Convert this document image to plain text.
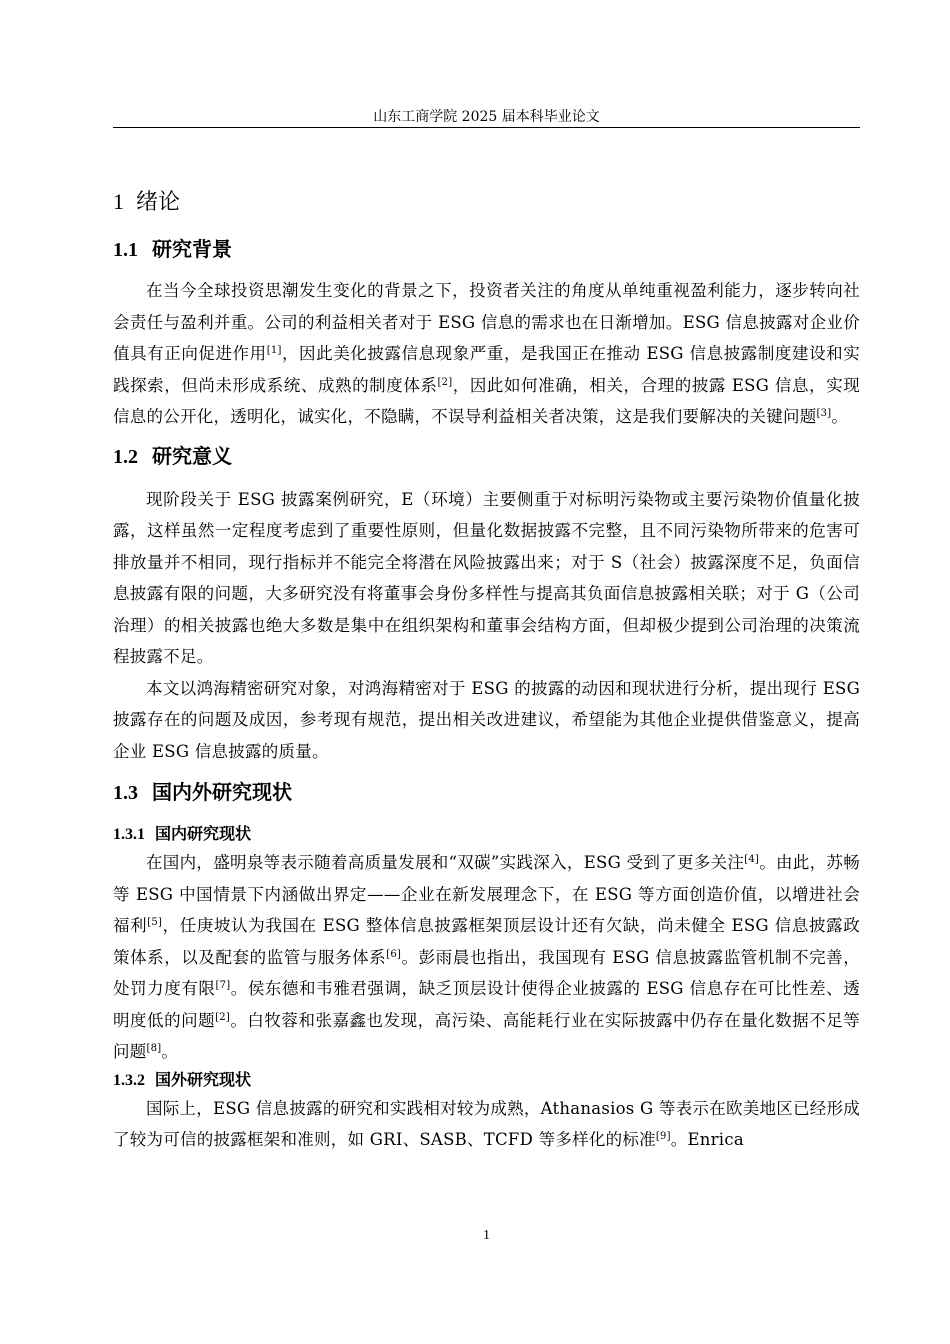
山东工商学院 2025 届本科毕业论文
1 绪论
1.1 研究背景

在当今全球投资思潮发生变化的背景之下，投资者关注的角度从单纯重视盈利能力，逐步转向社会责任与盈利并重。公司的利益相关者对于 ESG 信息的需求也在日渐增加。ESG 信息披露对企业价值具有正向促进作用[1]，因此美化披露信息现象严重，是我国正在推动 ESG 信息披露制度建设和实践探索，但尚未形成系统、成熟的制度体系[2]，因此如何准确，相关，合理的披露 ESG 信息，实现信息的公开化，透明化，诚实化，不隐瞒，不误导利益相关者决策，这是我们要解决的关键问题[3]。

1.2 研究意义

现阶段关于 ESG 披露案例研究，E（环境）主要侧重于对标明污染物或主要污染物价值量化披露，这样虽然一定程度考虑到了重要性原则，但量化数据披露不完整，且不同污染物所带来的危害可排放量并不相同，现行指标并不能完全将潜在风险披露出来；对于 S（社会）披露深度不足，负面信息披露有限的问题，大多研究没有将董事会身份多样性与提高其负面信息披露相关联；对于 G（公司治理）的相关披露也绝大多数是集中在组织架构和董事会结构方面，但却极少提到公司治理的决策流程披露不足。

本文以鸿海精密研究对象，对鸿海精密对于 ESG 的披露的动因和现状进行分析，提出现行 ESG 披露存在的问题及成因，参考现有规范，提出相关改进建议，希望能为其他企业提供借鉴意义，提高企业 ESG 信息披露的质量。

1.3 国内外研究现状
1.3.1 国内研究现状

在国内，盛明泉等表示随着高质量发展和“双碳”实践深入，ESG 受到了更多关注[4]。由此，苏畅等 ESG 中国情景下内涵做出界定——企业在新发展理念下，在 ESG 等方面创造价值，以增进社会福利[5]，任庚坡认为我国在 ESG 整体信息披露框架顶层设计还有欠缺，尚未健全 ESG 信息披露政策体系，以及配套的监管与服务体系[6]。彭雨晨也指出，我国现有 ESG 信息披露监管机制不完善，处罚力度有限[7]。侯东德和韦雅君强调，缺乏顶层设计使得企业披露的 ESG 信息存在可比性差、透明度低的问题[2]。白牧蓉和张嘉鑫也发现，高污染、高能耗行业在实际披露中仍存在量化数据不足等问题[8]。

1.3.2 国外研究现状

国际上，ESG 信息披露的研究和实践相对较为成熟，Athanasios G 等表示在欧美地区已经形成了较为可信的披露框架和准则，如 GRI、SASB、TCFD 等多样化的标准[9]。Enrica

1
